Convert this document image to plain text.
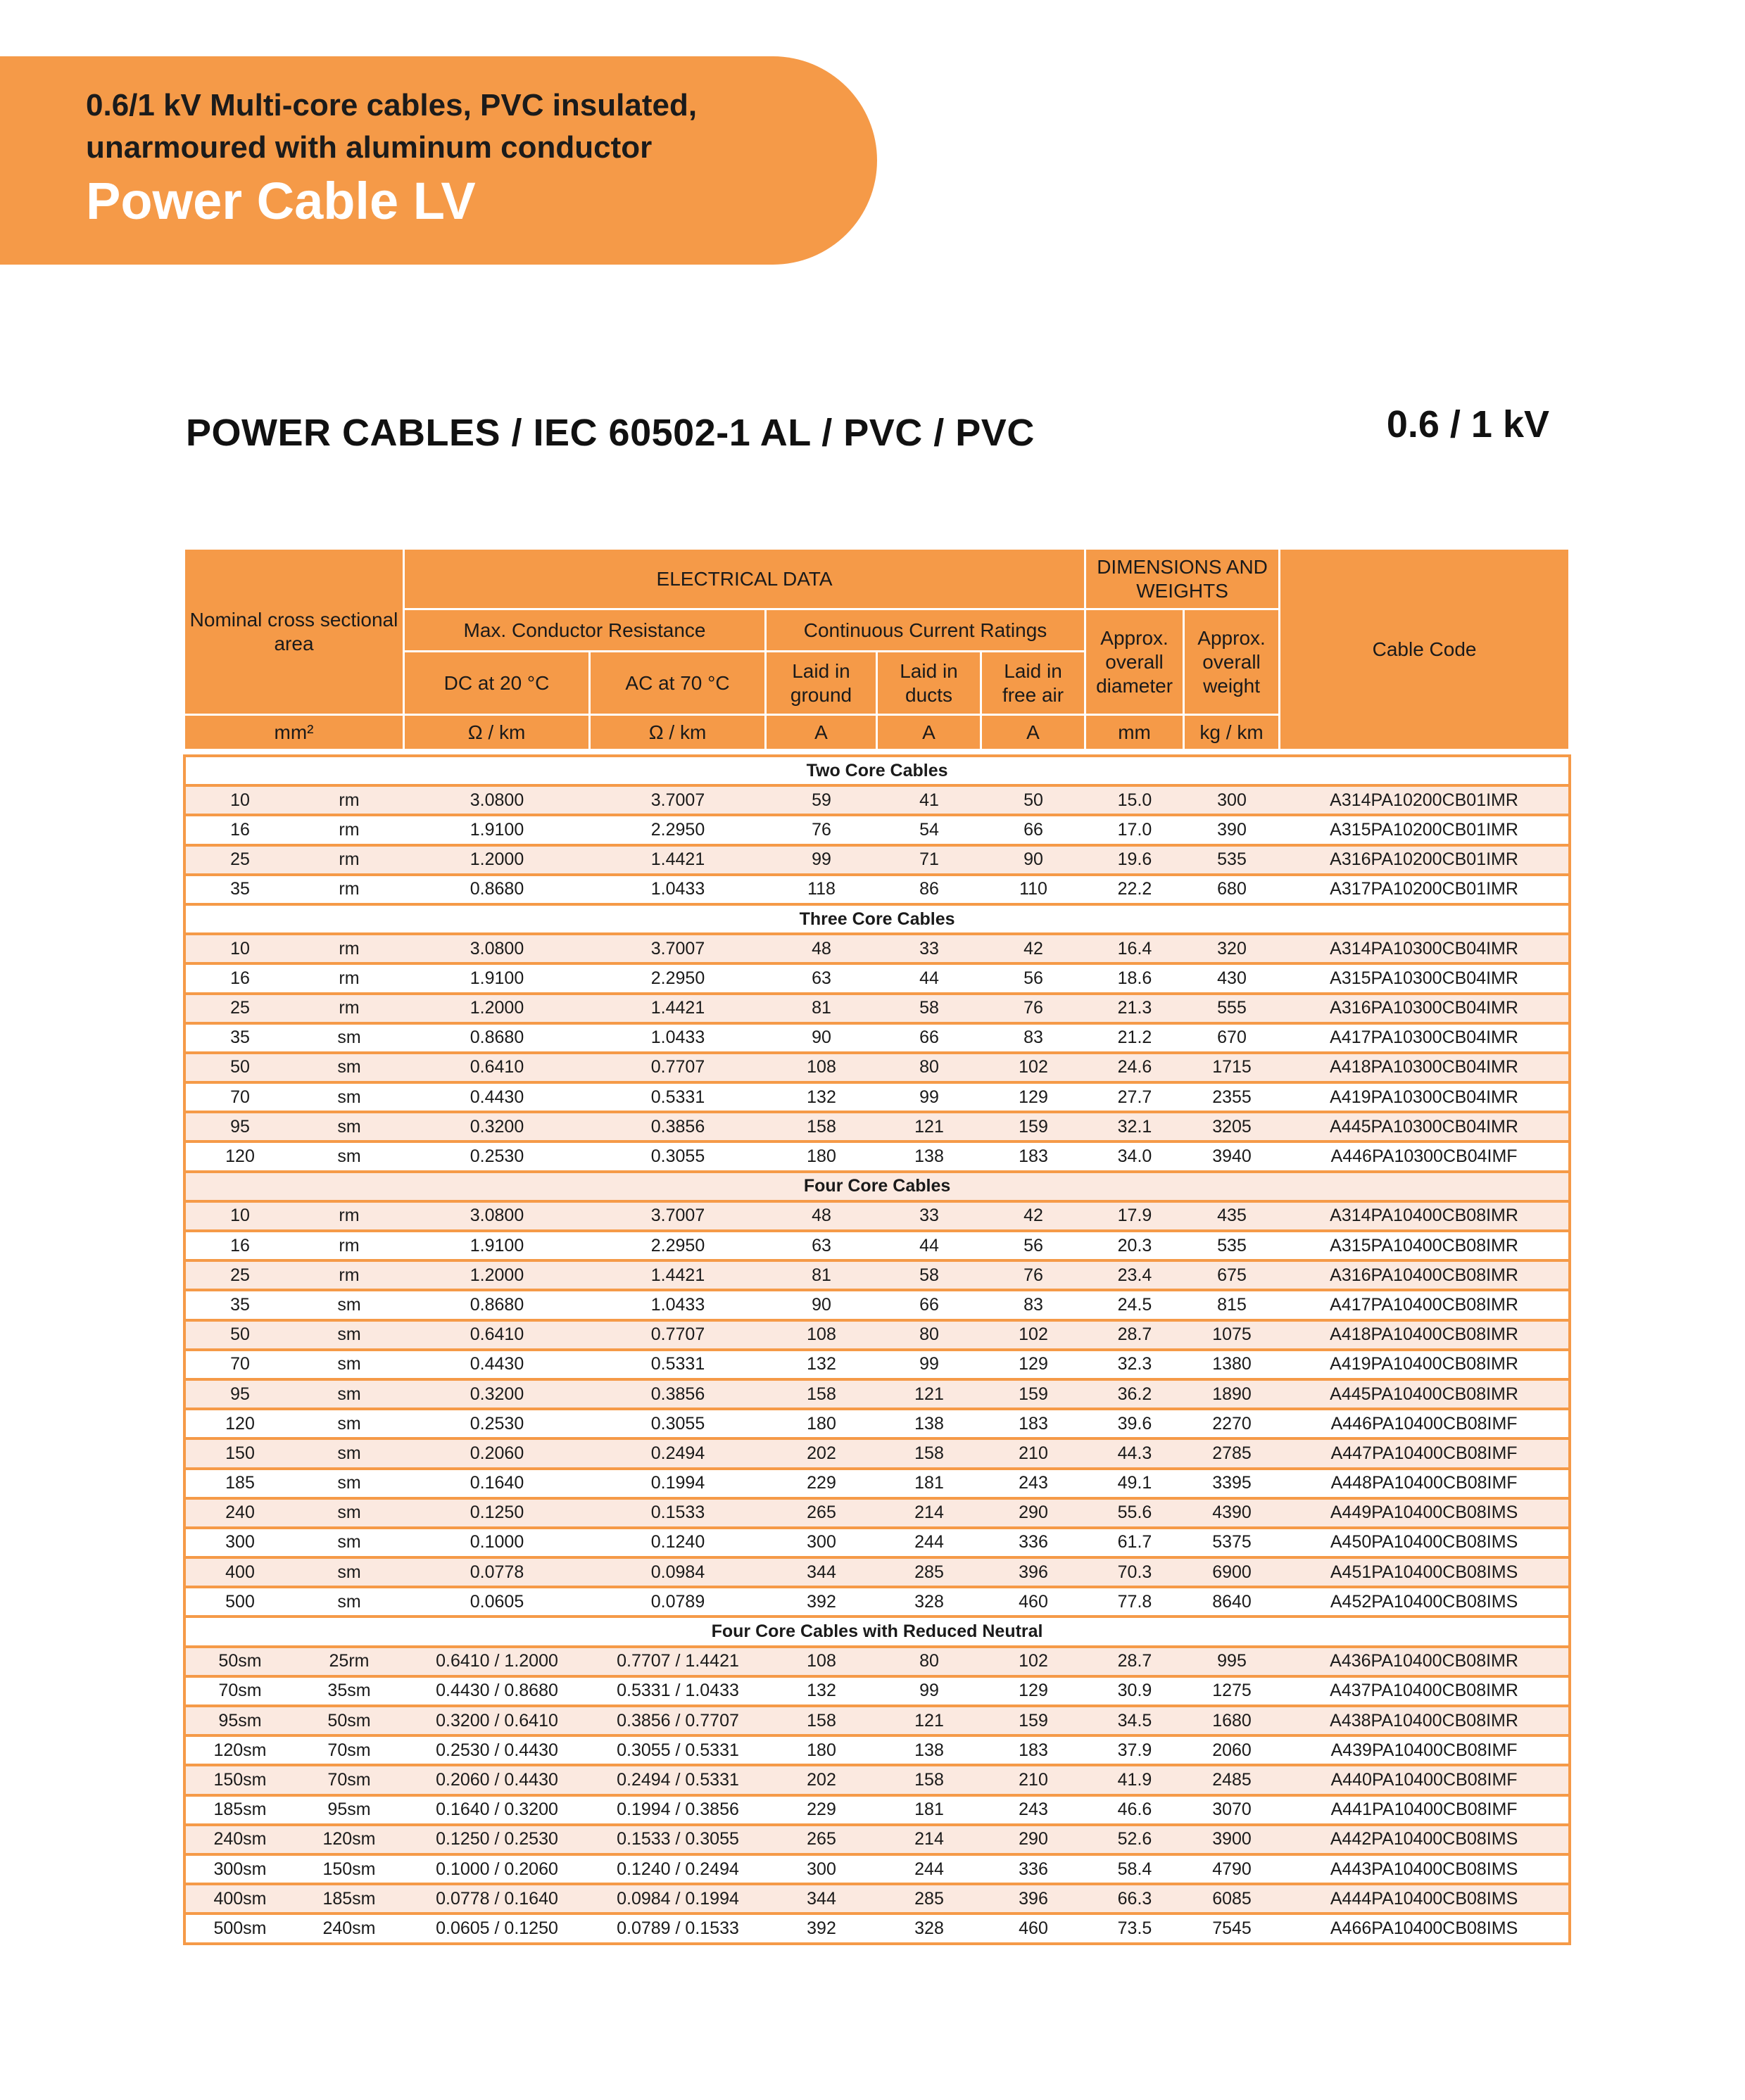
0.6/1 kV Multi-core cables, PVC insulated,
unarmoured with aluminum conductor
Power Cable LV
POWER CABLES / IEC 60502-1 AL / PVC / PVC	0.6 / 1 kV
Nominal cross sectional area	ELECTRICAL DATA					DIMENSIONS AND WEIGHTS		Cable Code
	Max. Conductor Resistance		Continuous Current Ratings			Approx. overall diameter	Approx. overall weight	
	DC at 20 °C	AC at 70 °C	Laid in ground	Laid in ducts	Laid in free air			
mm²	Ω / km	Ω / km	A	A	A	mm	kg / km	
Two Core Cables									
10	rm	3.0800	3.7007	59	41	50	15.0	300	A314PA10200CB01IMR
16	rm	1.9100	2.2950	76	54	66	17.0	390	A315PA10200CB01IMR
25	rm	1.2000	1.4421	99	71	90	19.6	535	A316PA10200CB01IMR
35	rm	0.8680	1.0433	118	86	110	22.2	680	A317PA10200CB01IMR
Three Core Cables									
10	rm	3.0800	3.7007	48	33	42	16.4	320	A314PA10300CB04IMR
16	rm	1.9100	2.2950	63	44	56	18.6	430	A315PA10300CB04IMR
25	rm	1.2000	1.4421	81	58	76	21.3	555	A316PA10300CB04IMR
35	sm	0.8680	1.0433	90	66	83	21.2	670	A417PA10300CB04IMR
50	sm	0.6410	0.7707	108	80	102	24.6	1715	A418PA10300CB04IMR
70	sm	0.4430	0.5331	132	99	129	27.7	2355	A419PA10300CB04IMR
95	sm	0.3200	0.3856	158	121	159	32.1	3205	A445PA10300CB04IMR
120	sm	0.2530	0.3055	180	138	183	34.0	3940	A446PA10300CB04IMF
Four Core Cables									
10	rm	3.0800	3.7007	48	33	42	17.9	435	A314PA10400CB08IMR
16	rm	1.9100	2.2950	63	44	56	20.3	535	A315PA10400CB08IMR
25	rm	1.2000	1.4421	81	58	76	23.4	675	A316PA10400CB08IMR
35	sm	0.8680	1.0433	90	66	83	24.5	815	A417PA10400CB08IMR
50	sm	0.6410	0.7707	108	80	102	28.7	1075	A418PA10400CB08IMR
70	sm	0.4430	0.5331	132	99	129	32.3	1380	A419PA10400CB08IMR
95	sm	0.3200	0.3856	158	121	159	36.2	1890	A445PA10400CB08IMR
120	sm	0.2530	0.3055	180	138	183	39.6	2270	A446PA10400CB08IMF
150	sm	0.2060	0.2494	202	158	210	44.3	2785	A447PA10400CB08IMF
185	sm	0.1640	0.1994	229	181	243	49.1	3395	A448PA10400CB08IMF
240	sm	0.1250	0.1533	265	214	290	55.6	4390	A449PA10400CB08IMS
300	sm	0.1000	0.1240	300	244	336	61.7	5375	A450PA10400CB08IMS
400	sm	0.0778	0.0984	344	285	396	70.3	6900	A451PA10400CB08IMS
500	sm	0.0605	0.0789	392	328	460	77.8	8640	A452PA10400CB08IMS
Four Core Cables with Reduced Neutral									
50sm	25rm	0.6410 / 1.2000	0.7707 / 1.4421	108	80	102	28.7	995	A436PA10400CB08IMR
70sm	35sm	0.4430 / 0.8680	0.5331 / 1.0433	132	99	129	30.9	1275	A437PA10400CB08IMR
95sm	50sm	0.3200 / 0.6410	0.3856 / 0.7707	158	121	159	34.5	1680	A438PA10400CB08IMR
120sm	70sm	0.2530 / 0.4430	0.3055 / 0.5331	180	138	183	37.9	2060	A439PA10400CB08IMF
150sm	70sm	0.2060 / 0.4430	0.2494 / 0.5331	202	158	210	41.9	2485	A440PA10400CB08IMF
185sm	95sm	0.1640 / 0.3200	0.1994 / 0.3856	229	181	243	46.6	3070	A441PA10400CB08IMF
240sm	120sm	0.1250 / 0.2530	0.1533 / 0.3055	265	214	290	52.6	3900	A442PA10400CB08IMS
300sm	150sm	0.1000 / 0.2060	0.1240 / 0.2494	300	244	336	58.4	4790	A443PA10400CB08IMS
400sm	185sm	0.0778 / 0.1640	0.0984 / 0.1994	344	285	396	66.3	6085	A444PA10400CB08IMS
500sm	240sm	0.0605 / 0.1250	0.0789 / 0.1533	392	328	460	73.5	7545	A466PA10400CB08IMS
